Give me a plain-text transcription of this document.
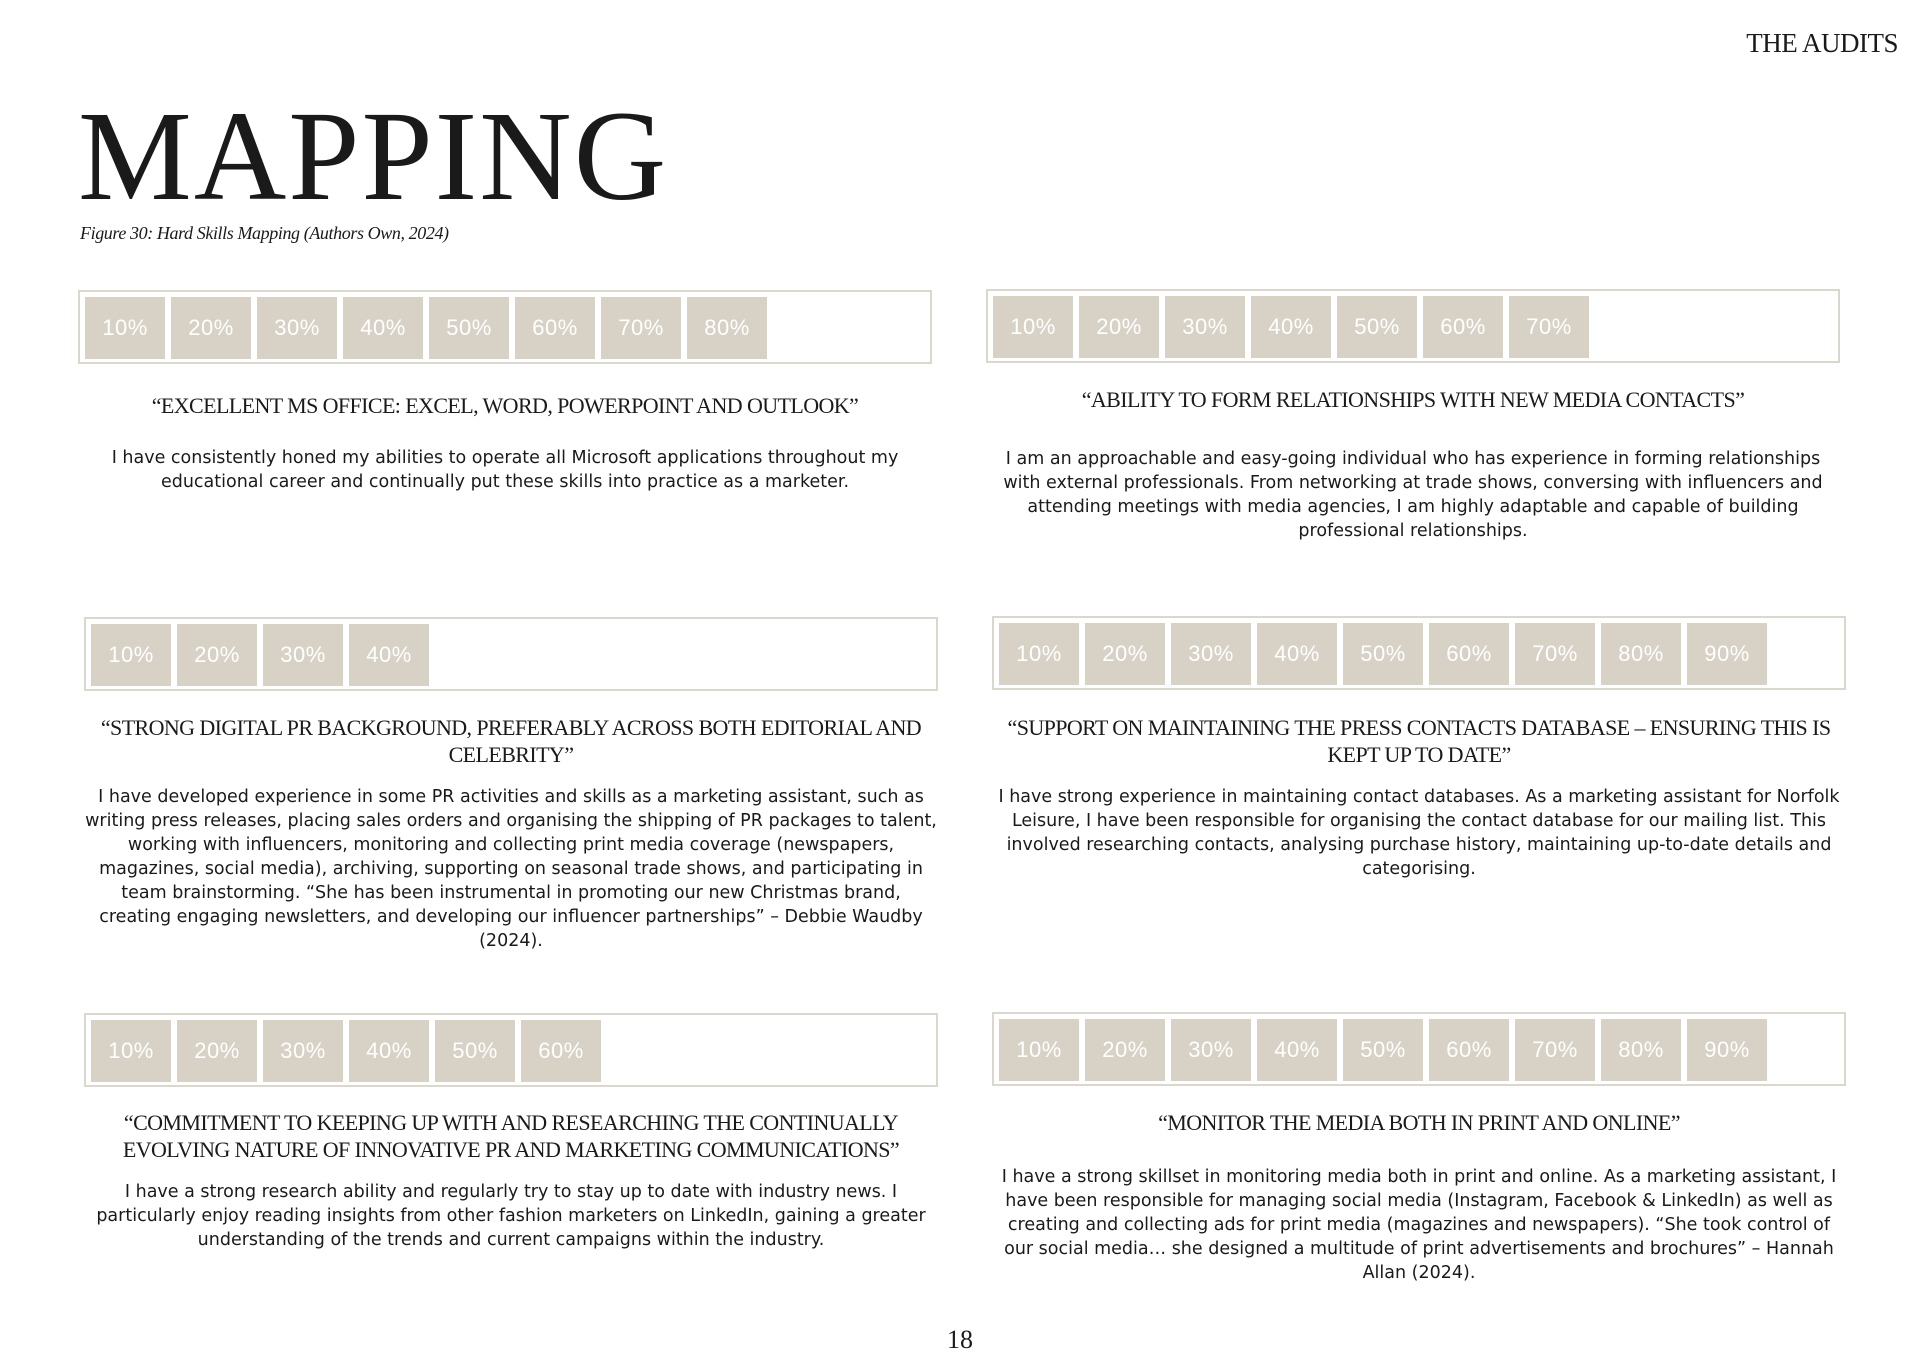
THE AUDITS
MAPPING
Figure 30: Hard Skills Mapping (Authors Own, 2024)
10%	20%	30%	40%	50%	60%	70%	80%
“EXCELLENT MS OFFICE: EXCEL, WORD, POWERPOINT AND OUTLOOK”

I have consistently honed my abilities to operate all Microsoft applications throughout my educational career and continually put these skills into practice as a marketer.

10%	20%	30%	40%	50%	60%	70%
“ABILITY TO FORM RELATIONSHIPS WITH NEW MEDIA CONTACTS”

I am an approachable and easy-going individual who has experience in forming relationships with external professionals. From networking at trade shows, conversing with influencers and attending meetings with media agencies, I am highly adaptable and capable of building professional relationships.

10%	20%	30%	40%
“STRONG DIGITAL PR BACKGROUND, PREFERABLY ACROSS BOTH EDITORIAL AND CELEBRITY”

I have developed experience in some PR activities and skills as a marketing assistant, such as writing press releases, placing sales orders and organising the shipping of PR packages to talent, working with influencers, monitoring and collecting print media coverage (newspapers, magazines, social media), archiving, supporting on seasonal trade shows, and participating in team brainstorming. “She has been instrumental in promoting our new Christmas brand, creating engaging newsletters, and developing our influencer partnerships” – Debbie Waudby (2024).

10%	20%	30%	40%	50%	60%	70%	80%	90%
“SUPPORT ON MAINTAINING THE PRESS CONTACTS DATABASE – ENSURING THIS IS KEPT UP TO DATE”

I have strong experience in maintaining contact databases. As a marketing assistant for Norfolk Leisure, I have been responsible for organising the contact database for our mailing list. This involved researching contacts, analysing purchase history, maintaining up-to-date details and categorising.

10%	20%	30%	40%	50%	60%
“COMMITMENT TO KEEPING UP WITH AND RESEARCHING THE CONTINUALLY EVOLVING NATURE OF INNOVATIVE PR AND MARKETING COMMUNICATIONS”

I have a strong research ability and regularly try to stay up to date with industry news. I particularly enjoy reading insights from other fashion marketers on LinkedIn, gaining a greater understanding of the trends and current campaigns within the industry.

10%	20%	30%	40%	50%	60%	70%	80%	90%
“MONITOR THE MEDIA BOTH IN PRINT AND ONLINE”

I have a strong skillset in monitoring media both in print and online. As a marketing assistant, I have been responsible for managing social media (Instagram, Facebook & LinkedIn) as well as creating and collecting ads for print media (magazines and newspapers). “She took control of our social media… she designed a multitude of print advertisements and brochures” – Hannah Allan (2024).

18
